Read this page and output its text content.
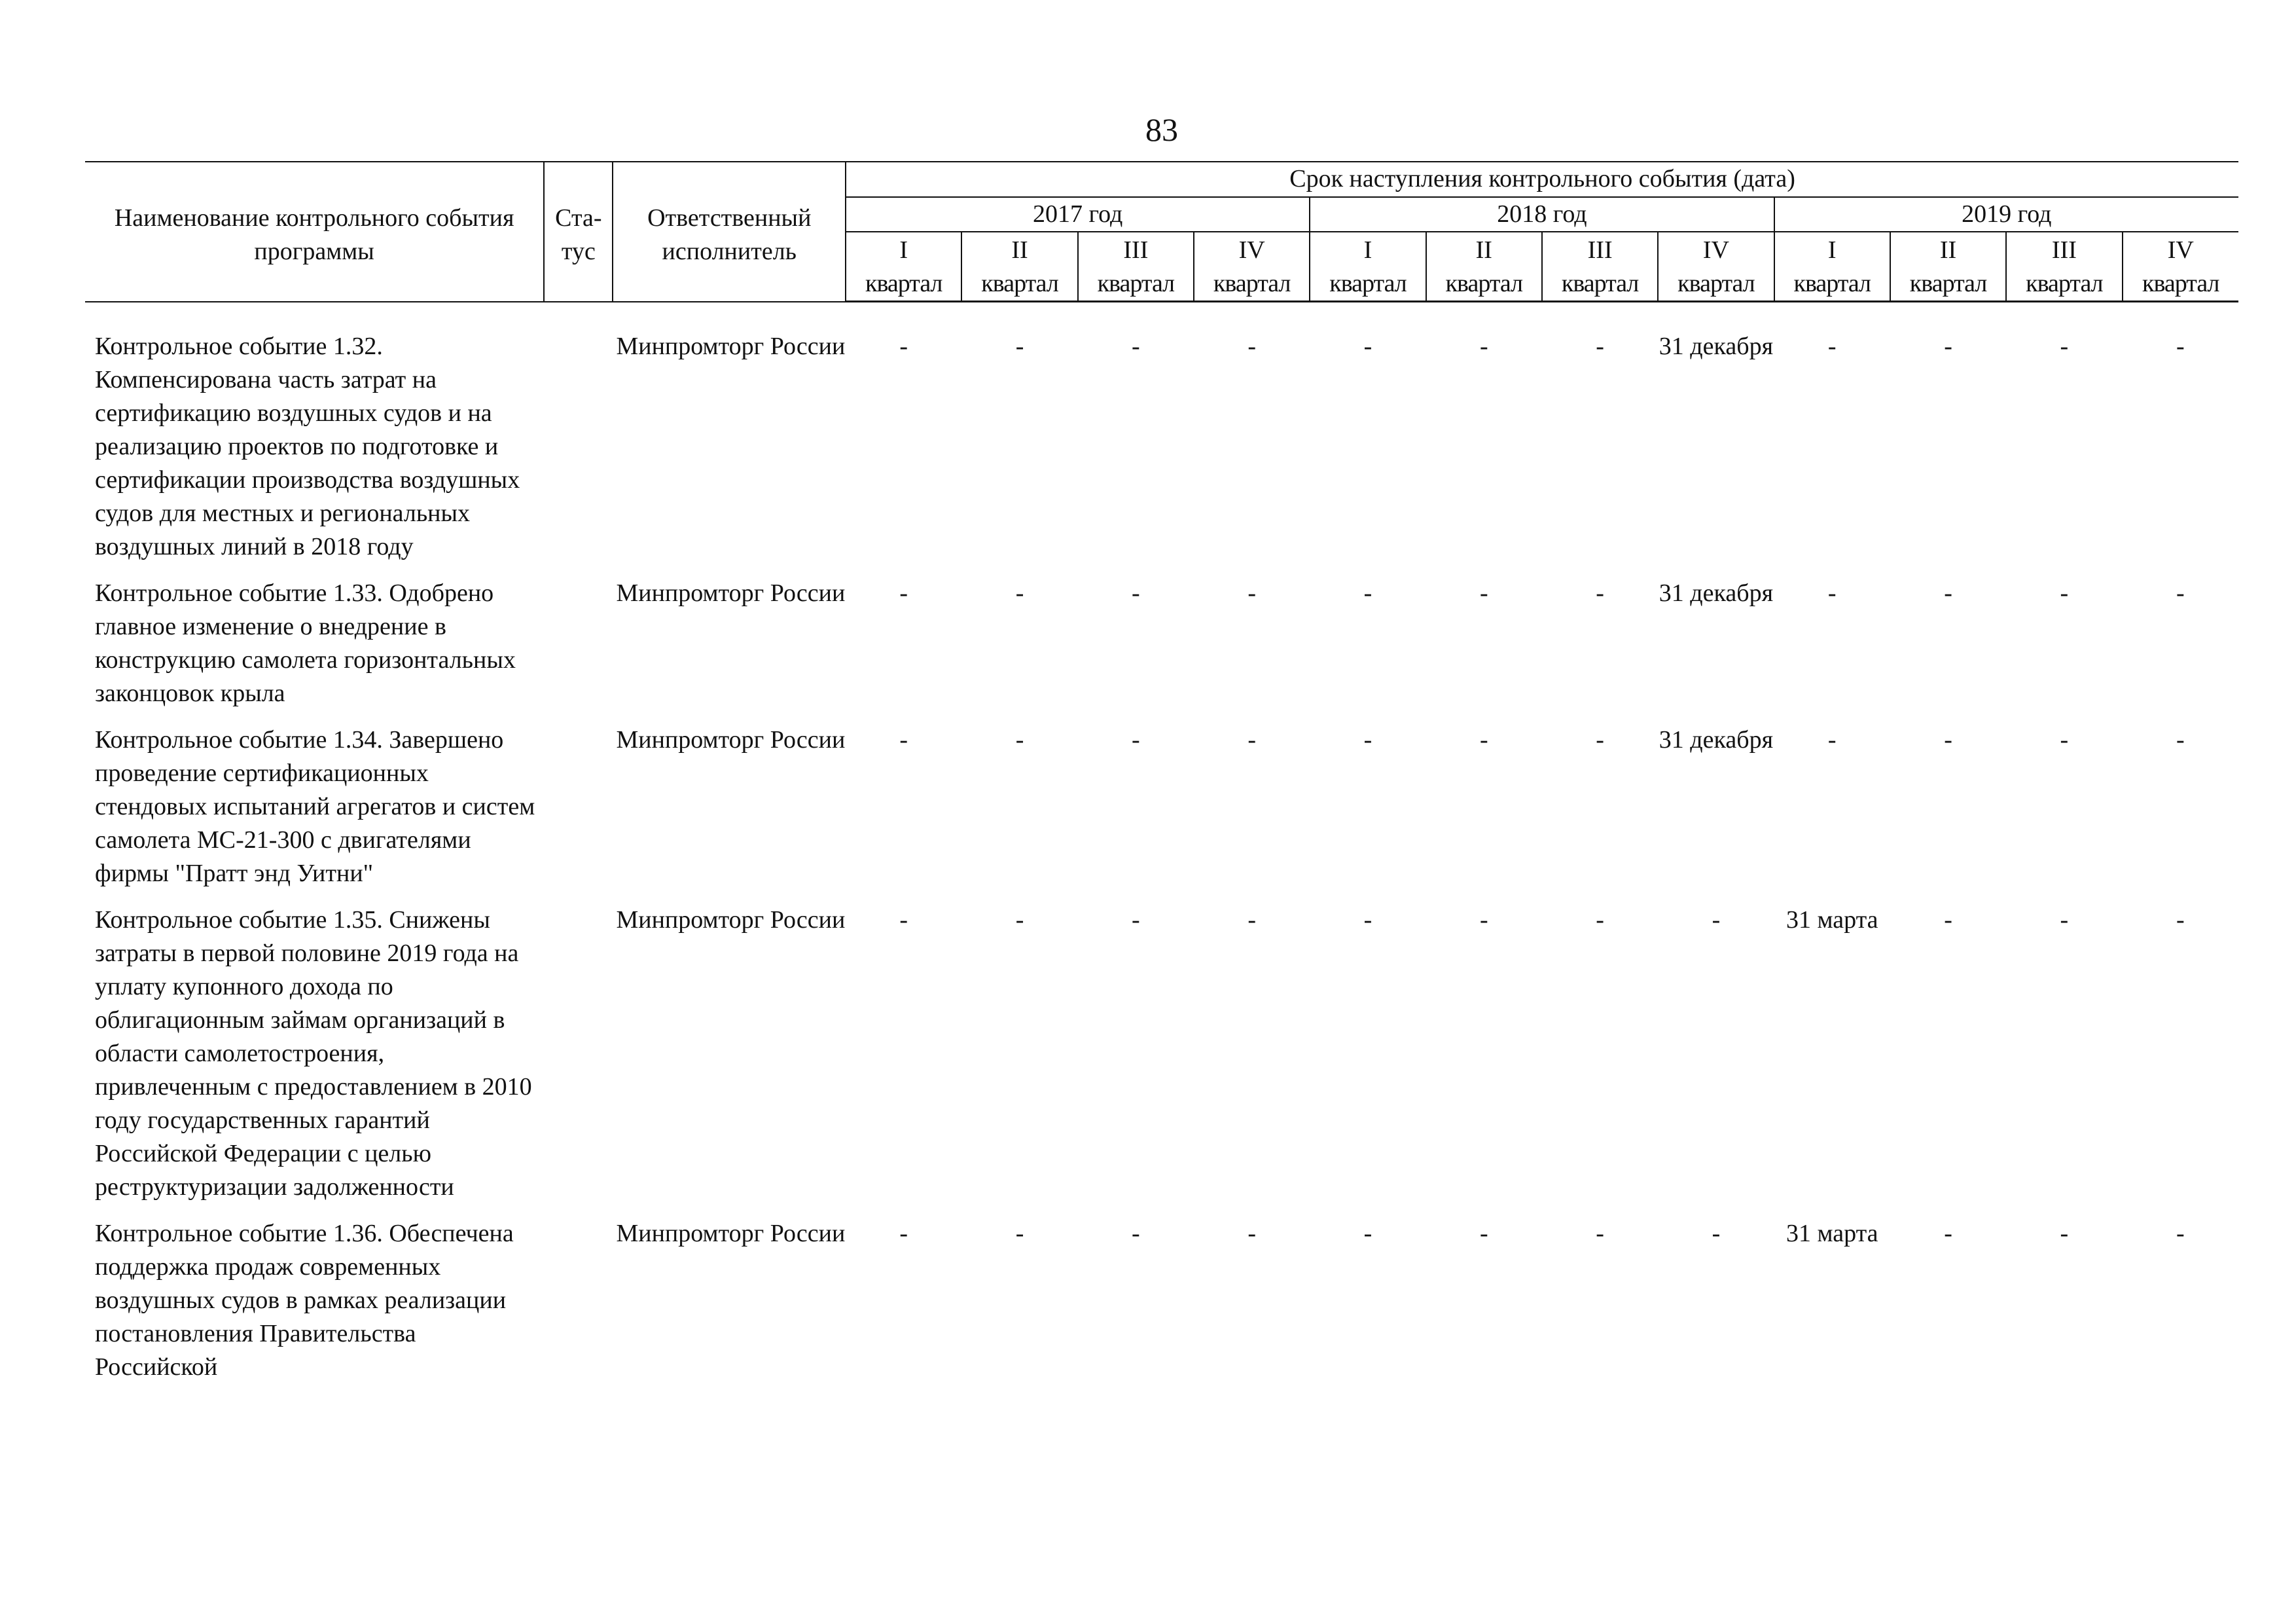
83
Наименование контрольного события программы	Ста-тус	Ответственный исполнитель	Срок наступления контрольного события (дата)											
			2017 год				2018 год				2019 год			
			I	II	III	IV	I	II	III	IV	I	II	III	IV
			квартал	квартал	квартал	квартал	квартал	квартал	квартал	квартал	квартал	квартал	квартал	квартал

Контрольное событие 1.32. Компенсирована часть затрат на сертификацию воздушных судов и на реализацию проектов по подготовке и сертификации производства воздушных судов для местных и региональных воздушных линий в 2018 году		Минпромторг России	-	-	-	-	-	-	-	31 декабря	-	-	-	-
Контрольное событие 1.33. Одобрено главное изменение о внедрение в конструкцию самолета горизонтальных законцовок крыла		Минпромторг России	-	-	-	-	-	-	-	31 декабря	-	-	-	-
Контрольное событие 1.34. Завершено проведение сертификационных стендовых испытаний агрегатов и систем самолета МС-21-300 с двигателями фирмы "Пратт энд Уитни"		Минпромторг России	-	-	-	-	-	-	-	31 декабря	-	-	-	-
Контрольное событие 1.35. Снижены затраты в первой половине 2019 года на уплату купонного дохода по облигационным займам организаций в области самолетостроения, привлеченным с предоставлением в 2010 году государственных гарантий Российской Федерации с целью реструктуризации задолженности		Минпромторг России	-	-	-	-	-	-	-	-	31 марта	-	-	-
Контрольное событие 1.36. Обеспечена поддержка продаж современных воздушных судов в рамках реализации постановления Правительства Российской		Минпромторг России	-	-	-	-	-	-	-	-	31 марта	-	-	-
